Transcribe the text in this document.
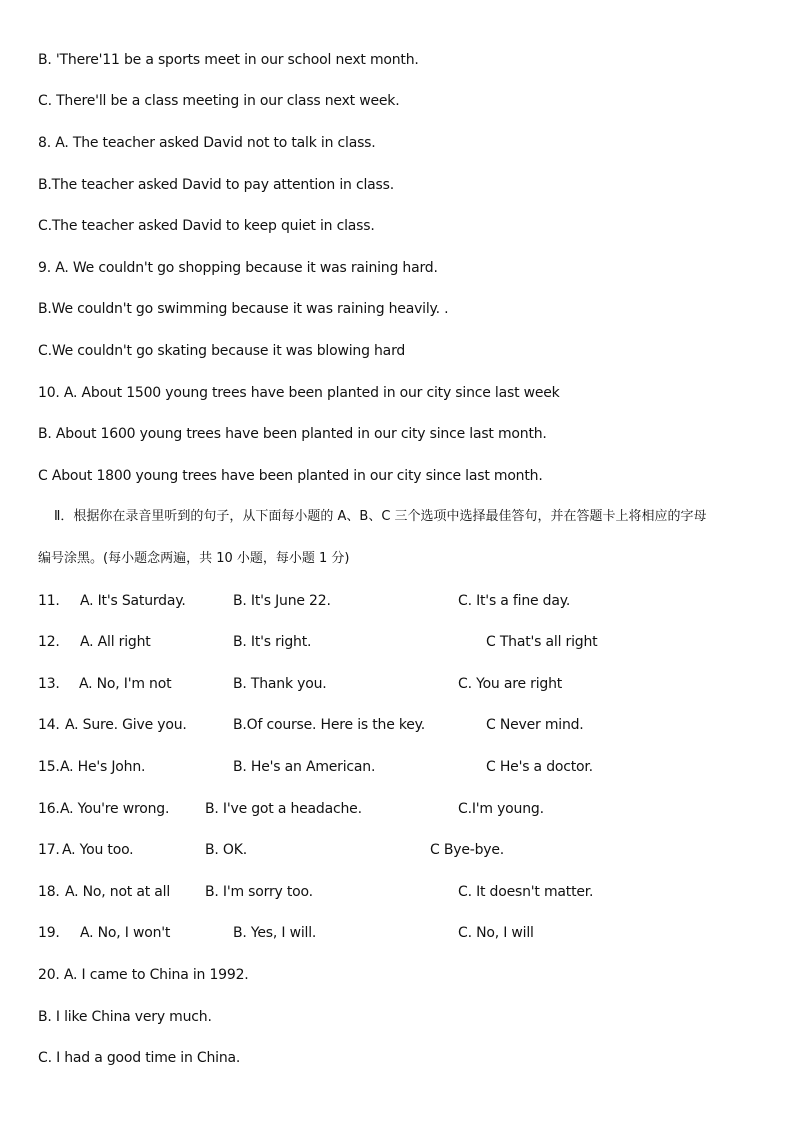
B. 'There'11 be a sports meet in our school next month.
C. There'll be a class meeting in our class next week.
8. A. The teacher asked David not to talk in class.
B.The teacher asked David to pay attention in class.
C.The teacher asked David to keep quiet in class.
9. A. We couldn't go shopping because it was raining hard.
B.We couldn't go swimming because it was raining heavily. .
C.We couldn't go skating because it was blowing hard
10. A. About 1500 young trees have been planted in our city since last week
B. About 1600 young trees have been planted in our city since last month.
C About 1800 young trees have been planted in our city since last month.
Ⅱ．根据你在录音里听到的句子，从下面每小题的 A、B、C 三个选项中选择最佳答句，并在答题卡上将相应的字母
编号涂黑。(每小题念两遍，共 10 小题，每小题 1 分)
11. A. It's Saturday.	B. It's June 22.	C. It's a fine day.
12. A. All right	B. It's right.	C That's all right
13. A. No, I'm not	B. Thank you.	C. You are right
14. A. Sure. Give you.	B.Of course. Here is the key.	C Never mind.
15. A. He's John.	B. He's an American.	C He's a doctor.
16. A. You're wrong.	B. I've got a headache.	C.I'm young.
17. A. You too.	B. OK.	C Bye-bye.
18. A. No, not at all B. I'm sorry too.	C. It doesn't matter.
19. A. No, I won't	B. Yes, I will.	C. No, I will
20. A. I came to China in 1992.
B. I like China very much.
C. I had a good time in China.
